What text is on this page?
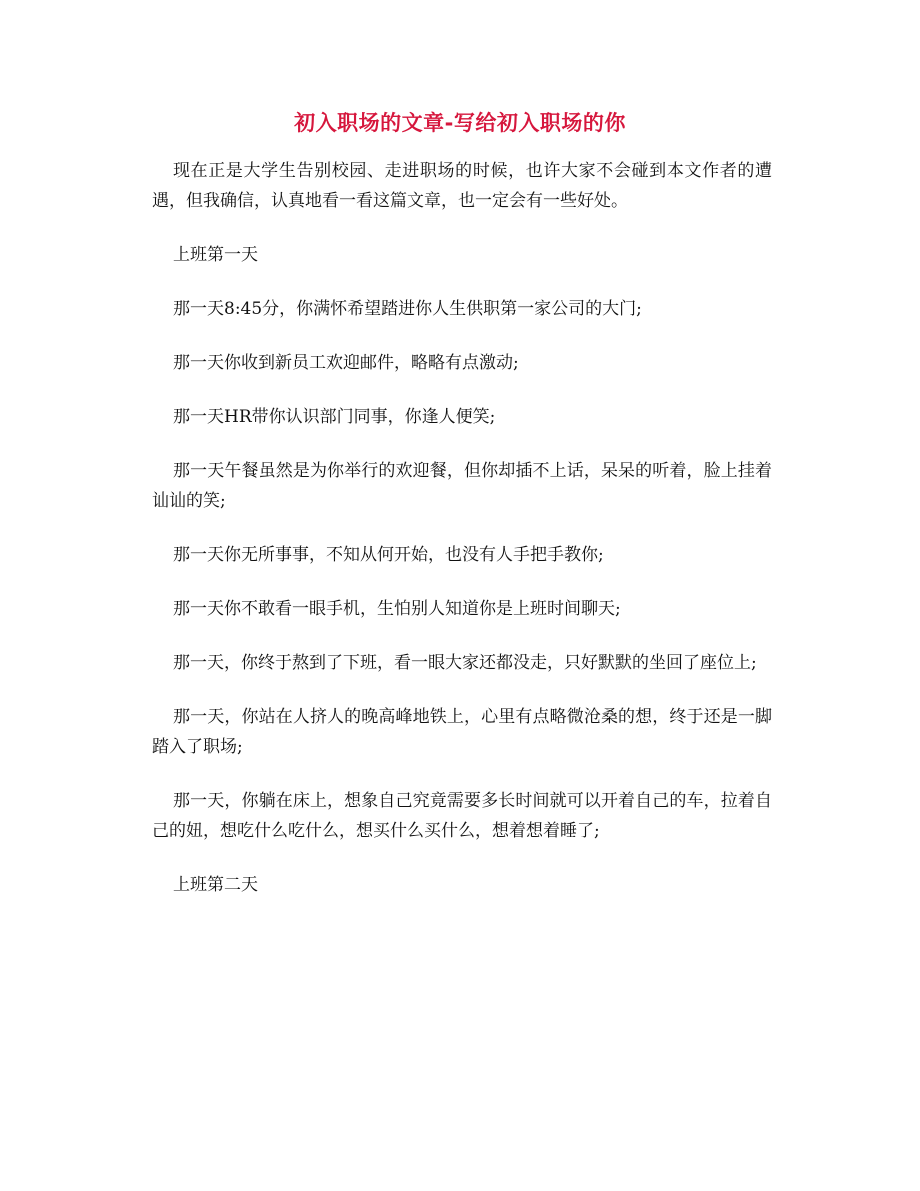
初入职场的文章-写给初入职场的你

现在正是大学生告别校园、走进职场的时候，也许大家不会碰到本文作者的遭遇，但我确信，认真地看一看这篇文章，也一定会有一些好处。

上班第一天

那一天8:45分，你满怀希望踏进你人生供职第一家公司的大门;

那一天你收到新员工欢迎邮件，略略有点激动;

那一天HR带你认识部门同事，你逢人便笑;

那一天午餐虽然是为你举行的欢迎餐，但你却插不上话，呆呆的听着，脸上挂着讪讪的笑;

那一天你无所事事，不知从何开始，也没有人手把手教你;

那一天你不敢看一眼手机，生怕别人知道你是上班时间聊天;

那一天，你终于熬到了下班，看一眼大家还都没走，只好默默的坐回了座位上;

那一天，你站在人挤人的晚高峰地铁上，心里有点略微沧桑的想，终于还是一脚踏入了职场;

那一天，你躺在床上，想象自己究竟需要多长时间就可以开着自己的车，拉着自己的妞，想吃什么吃什么，想买什么买什么，想着想着睡了;

上班第二天
